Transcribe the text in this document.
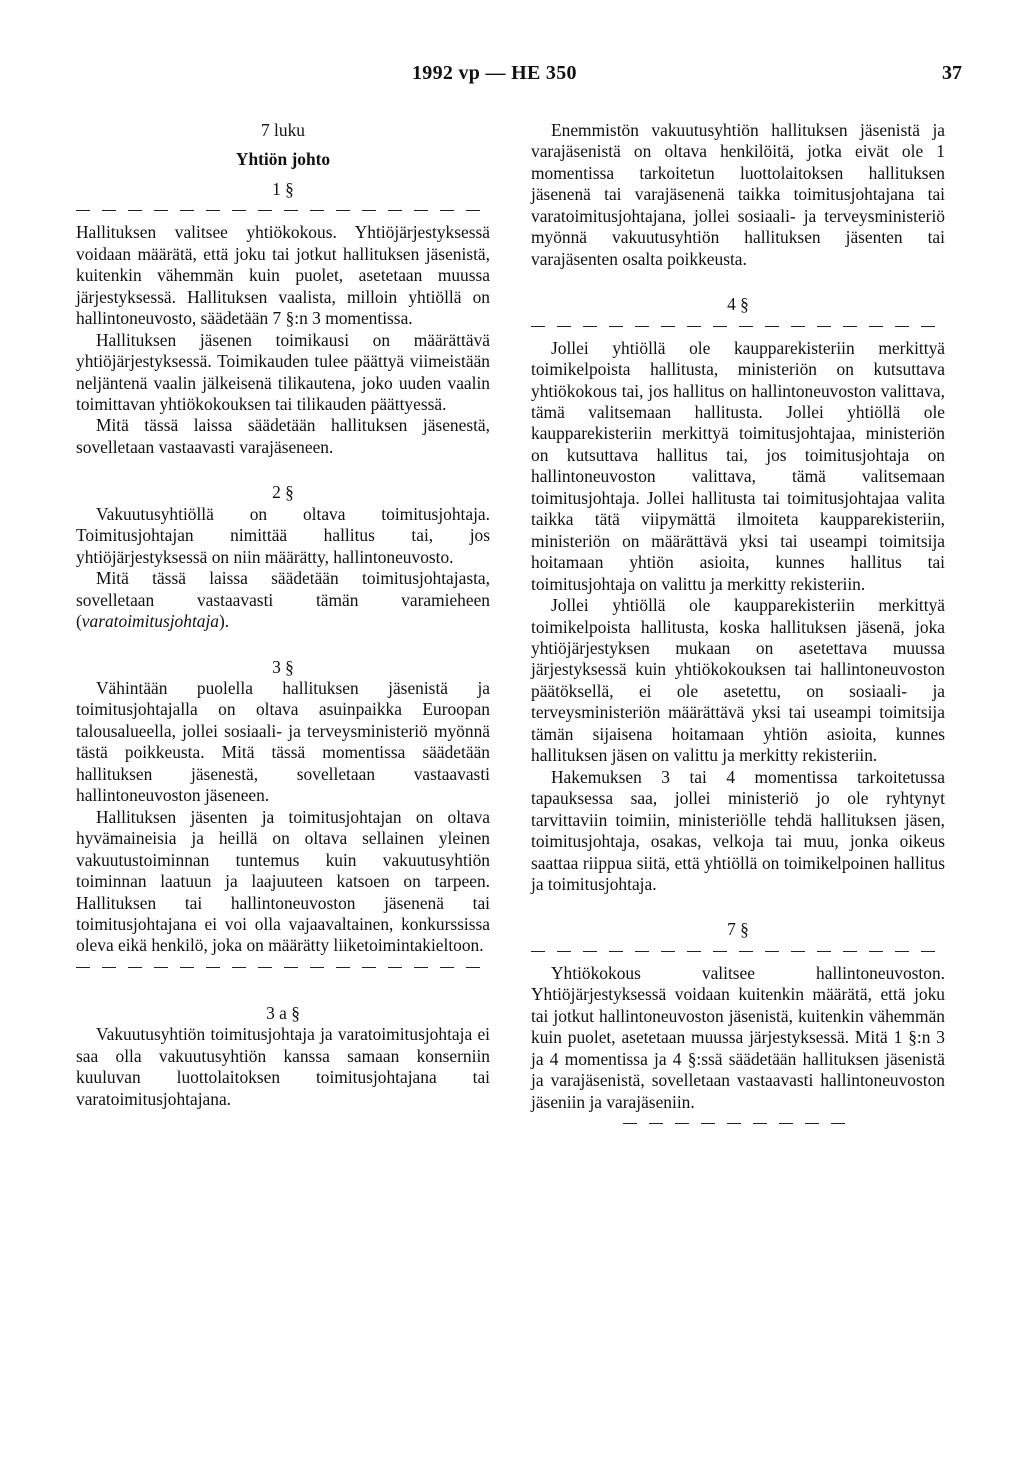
1992 vp — HE 350	37
7 luku
Yhtiön johto
1 §

Hallituksen valitsee yhtiökokous. Yhtiöjärjestyksessä voidaan määrätä, että joku tai jotkut hallituksen jäsenistä, kuitenkin vähemmän kuin puolet, asetetaan muussa järjestyksessä. Hallituksen vaalista, milloin yhtiöllä on hallintoneuvosto, säädetään 7 §:n 3 momentissa.

Hallituksen jäsenen toimikausi on määrättävä yhtiöjärjestyksessä. Toimikauden tulee päättyä viimeistään neljäntenä vaalin jälkeisenä tilikautena, joko uuden vaalin toimittavan yhtiökokouksen tai tilikauden päättyessä.

Mitä tässä laissa säädetään hallituksen jäsenestä, sovelletaan vastaavasti varajäseneen.

2 §

Vakuutusyhtiöllä on oltava toimitusjohtaja. Toimitusjohtajan nimittää hallitus tai, jos yhtiöjärjestyksessä on niin määrätty, hallintoneuvosto.

Mitä tässä laissa säädetään toimitusjohtajasta, sovelletaan vastaavasti tämän varamieheen (varatoimitusjohtaja).

3 §

Vähintään puolella hallituksen jäsenistä ja toimitusjohtajalla on oltava asuinpaikka Euroopan talousalueella, jollei sosiaali- ja terveysministeriö myönnä tästä poikkeusta. Mitä tässä momentissa säädetään hallituksen jäsenestä, sovelletaan vastaavasti hallintoneuvoston jäseneen.

Hallituksen jäsenten ja toimitusjohtajan on oltava hyvämaineisia ja heillä on oltava sellainen yleinen vakuutustoiminnan tuntemus kuin vakuutusyhtiön toiminnan laatuun ja laajuuteen katsoen on tarpeen. Hallituksen tai hallintoneuvoston jäsenenä tai toimitusjohtajana ei voi olla vajaavaltainen, konkurssissa oleva eikä henkilö, joka on määrätty liiketoimintakieltoon.

3 a §

Vakuutusyhtiön toimitusjohtaja ja varatoimitusjohtaja ei saa olla vakuutusyhtiön kanssa samaan konserniin kuuluvan luottolaitoksen toimitusjohtajana tai varatoimitusjohtajana.

Enemmistön vakuutusyhtiön hallituksen jäsenistä ja varajäsenistä on oltava henkilöitä, jotka eivät ole 1 momentissa tarkoitetun luottolaitoksen hallituksen jäsenenä tai varajäsenenä taikka toimitusjohtajana tai varatoimitusjohtajana, jollei sosiaali- ja terveysministeriö myönnä vakuutusyhtiön hallituksen jäsenten tai varajäsenten osalta poikkeusta.

4 §

Jollei yhtiöllä ole kaupparekisteriin merkittyä toimikelpoista hallitusta, ministeriön on kutsuttava yhtiökokous tai, jos hallitus on hallintoneuvoston valittava, tämä valitsemaan hallitusta. Jollei yhtiöllä ole kaupparekisteriin merkittyä toimitusjohtajaa, ministeriön on kutsuttava hallitus tai, jos toimitusjohtaja on hallintoneuvoston valittava, tämä valitsemaan toimitusjohtaja. Jollei hallitusta tai toimitusjohtajaa valita taikka tätä viipymättä ilmoiteta kaupparekisteriin, ministeriön on määrättävä yksi tai useampi toimitsija hoitamaan yhtiön asioita, kunnes hallitus tai toimitusjohtaja on valittu ja merkitty rekisteriin.

Jollei yhtiöllä ole kaupparekisteriin merkittyä toimikelpoista hallitusta, koska hallituksen jäsenä, joka yhtiöjärjestyksen mukaan on asetettava muussa järjestyksessä kuin yhtiökokouksen tai hallintoneuvoston päätöksellä, ei ole asetettu, on sosiaali- ja terveysministeriön määrättävä yksi tai useampi toimitsija tämän sijaisena hoitamaan yhtiön asioita, kunnes hallituksen jäsen on valittu ja merkitty rekisteriin.

Hakemuksen 3 tai 4 momentissa tarkoitetussa tapauksessa saa, jollei ministeriö jo ole ryhtynyt tarvittaviin toimiin, ministeriölle tehdä hallituksen jäsen, toimitusjohtaja, osakas, velkoja tai muu, jonka oikeus saattaa riippua siitä, että yhtiöllä on toimikelpoinen hallitus ja toimitusjohtaja.

7 §

Yhtiökokous valitsee hallintoneuvoston. Yhtiöjärjestyksessä voidaan kuitenkin määrätä, että joku tai jotkut hallintoneuvoston jäsenistä, kuitenkin vähemmän kuin puolet, asetetaan muussa järjestyksessä. Mitä 1 §:n 3 ja 4 momentissa ja 4 §:ssä säädetään hallituksen jäsenistä ja varajäsenistä, sovelletaan vastaavasti hallintoneuvoston jäseniin ja varajäseniin.
